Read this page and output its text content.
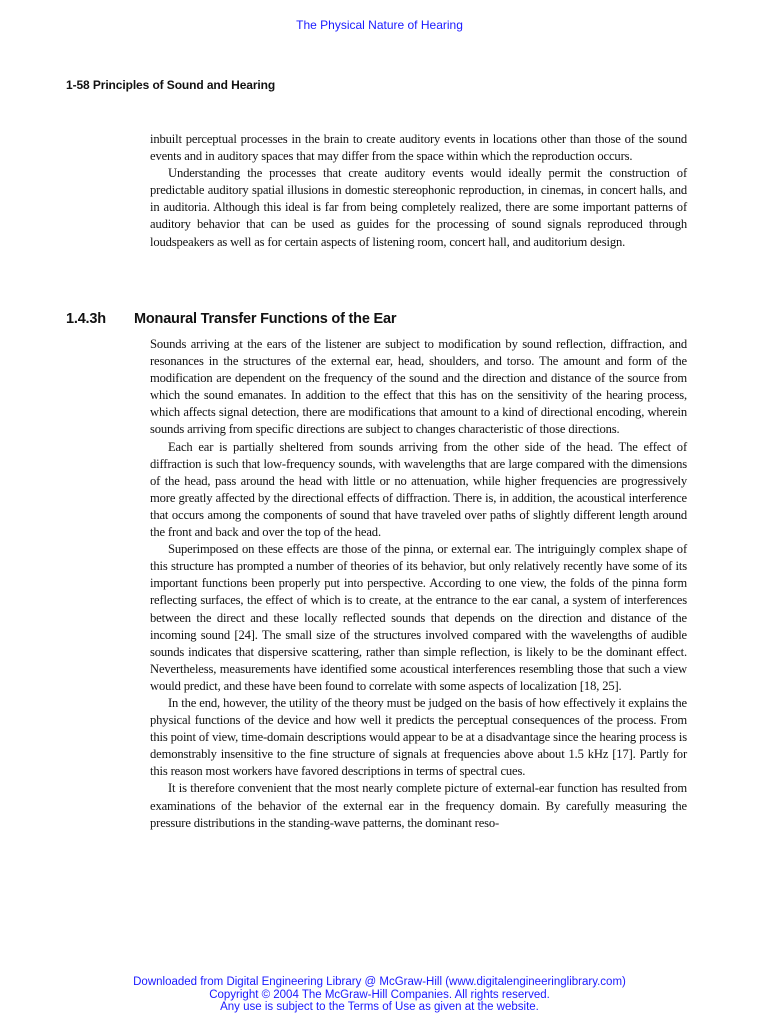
The Physical Nature of Hearing
1-58 Principles of Sound and Hearing

inbuilt perceptual processes in the brain to create auditory events in locations other than those of the sound events and in auditory spaces that may differ from the space within which the reproduction occurs.

Understanding the processes that create auditory events would ideally permit the construction of predictable auditory spatial illusions in domestic stereophonic reproduction, in cinemas, in concert halls, and in auditoria. Although this ideal is far from being completely realized, there are some important patterns of auditory behavior that can be used as guides for the processing of sound signals reproduced through loudspeakers as well as for certain aspects of listening room, concert hall, and auditorium design.

1.4.3h Monaural Transfer Functions of the Ear

Sounds arriving at the ears of the listener are subject to modification by sound reflection, diffraction, and resonances in the structures of the external ear, head, shoulders, and torso. The amount and form of the modification are dependent on the frequency of the sound and the direction and distance of the source from which the sound emanates. In addition to the effect that this has on the sensitivity of the hearing process, which affects signal detection, there are modifications that amount to a kind of directional encoding, wherein sounds arriving from specific directions are subject to changes characteristic of those directions.

Each ear is partially sheltered from sounds arriving from the other side of the head. The effect of diffraction is such that low-frequency sounds, with wavelengths that are large compared with the dimensions of the head, pass around the head with little or no attenuation, while higher frequencies are progressively more greatly affected by the directional effects of diffraction. There is, in addition, the acoustical interference that occurs among the components of sound that have traveled over paths of slightly different length around the front and back and over the top of the head.

Superimposed on these effects are those of the pinna, or external ear. The intriguingly complex shape of this structure has prompted a number of theories of its behavior, but only relatively recently have some of its important functions been properly put into perspective. According to one view, the folds of the pinna form reflecting surfaces, the effect of which is to create, at the entrance to the ear canal, a system of interferences between the direct and these locally reflected sounds that depends on the direction and distance of the incoming sound [24]. The small size of the structures involved compared with the wavelengths of audible sounds indicates that dispersive scattering, rather than simple reflection, is likely to be the dominant effect. Nevertheless, measurements have identified some acoustical interferences resembling those that such a view would predict, and these have been found to correlate with some aspects of localization [18, 25].

In the end, however, the utility of the theory must be judged on the basis of how effectively it explains the physical functions of the device and how well it predicts the perceptual consequences of the process. From this point of view, time-domain descriptions would appear to be at a disadvantage since the hearing process is demonstrably insensitive to the fine structure of signals at frequencies above about 1.5 kHz [17]. Partly for this reason most workers have favored descriptions in terms of spectral cues.

It is therefore convenient that the most nearly complete picture of external-ear function has resulted from examinations of the behavior of the external ear in the frequency domain. By carefully measuring the pressure distributions in the standing-wave patterns, the dominant reso-

Downloaded from Digital Engineering Library @ McGraw-Hill (www.digitalengineeringlibrary.com)
Copyright © 2004 The McGraw-Hill Companies. All rights reserved.
Any use is subject to the Terms of Use as given at the website.
